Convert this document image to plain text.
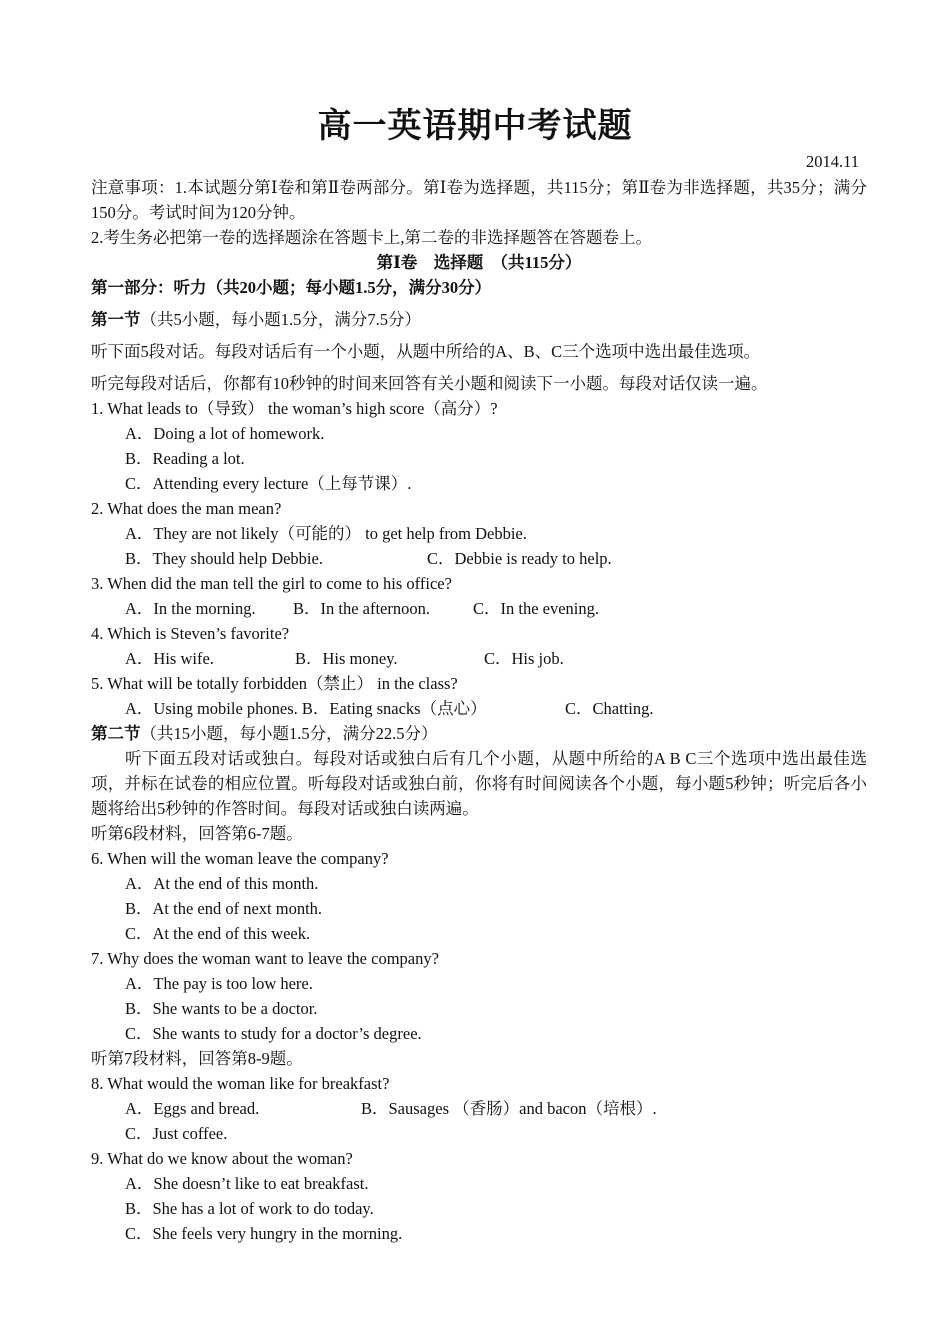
高一英语期中考试题
2014.11
注意事项：1.本试题分第Ⅰ卷和第Ⅱ卷两部分。第Ⅰ卷为选择题，共115分；第Ⅱ卷为非选择题，共35分；满分150分。考试时间为120分钟。
2.考生务必把第一卷的选择题涂在答题卡上,第二卷的非选择题答在答题卷上。
第Ⅰ卷　选择题　（共115分）
第一部分：听力（共20小题；每小题1.5分，满分30分）
第一节（共5小题，每小题1.5分，满分7.5分）
听下面5段对话。每段对话后有一个小题，从题中所给的A、B、C三个选项中选出最佳选项。
听完每段对话后，你都有10秒钟的时间来回答有关小题和阅读下一小题。每段对话仅读一遍。
1. What leads to（导致） the woman’s high score（高分）?
A．Doing a lot of homework.
B．Reading a lot.
C．Attending every lecture（上每节课）.
2. What does the man mean?
A．They are not likely（可能的） to get help from Debbie.
B．They should help Debbie.	C．Debbie is ready to help.
3. When did the man tell the girl to come to his office?
A．In the morning. B．In the afternoon.	C．In the evening.
4. Which is Steven’s favorite?
A．His wife.	B．His money.	C．His job.
5. What will be totally forbidden（禁止） in the class?
A．Using mobile phones. B．Eating snacks（点心）	C．Chatting.
第二节（共15小题，每小题1.5分，满分22.5分）
听下面五段对话或独白。每段对话或独白后有几个小题，从题中所给的A B C三个选项中选出最佳选项，并标在试卷的相应位置。听每段对话或独白前，你将有时间阅读各个小题，每小题5秒钟；听完后各小题将给出5秒钟的作答时间。每段对话或独白读两遍。
听第6段材料，回答第6-7题。
6. When will the woman leave the company?
A．At the end of this month.
B．At the end of next month.
C．At the end of this week.
7. Why does the woman want to leave the company?
A．The pay is too low here.
B．She wants to be a doctor.
C．She wants to study for a doctor’s degree.
听第7段材料，回答第8-9题。
8. What would the woman like for breakfast?
A．Eggs and bread.	B．Sausages （香肠）and bacon（培根）.
C．Just coffee.
9. What do we know about the woman?
A．She doesn’t like to eat breakfast.
B．She has a lot of work to do today.
C．She feels very hungry in the morning.
